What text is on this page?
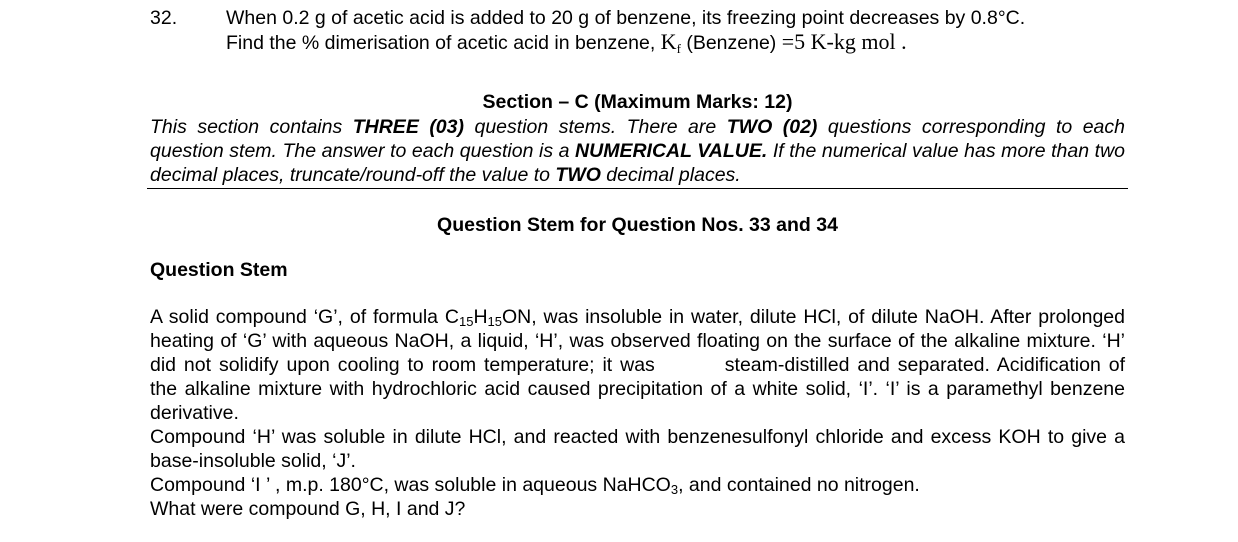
32.	When 0.2 g of acetic acid is added to 20 g of benzene, its freezing point decreases by 0.8°C.
Find the % dimerisation of acetic acid in benzene, $K_f$ (Benzene) =5 K-kg mol .
Section – C (Maximum Marks: 12)
This section contains THREE (03) question stems. There are TWO (02) questions corresponding to each question stem. The answer to each question is a NUMERICAL VALUE. If the numerical value has more than two decimal places, truncate/round-off the value to TWO decimal places.
Question Stem for Question Nos. 33 and 34
Question Stem
A solid compound ‘G’, of formula $C_{15}H_{15}ON$, was insoluble in water, dilute HCl, of dilute NaOH. After prolonged heating of ‘G’ with aqueous NaOH, a liquid, ‘H’, was observed floating on the surface of the alkaline mixture. ‘H’ did not solidify upon cooling to room temperature; it was	steam-distilled and separated. Acidification of the alkaline mixture with hydrochloric acid caused precipitation of a white solid, ‘I’. ‘I’ is a paramethyl benzene derivative.
Compound ‘H’ was soluble in dilute HCl, and reacted with benzenesulfonyl chloride and excess KOH to give a base-insoluble solid, ‘J’.
Compound ‘I ’ , m.p. 180°C, was soluble in aqueous NaHCO$_3$, and contained no nitrogen.
What were compound G, H, I and J?
